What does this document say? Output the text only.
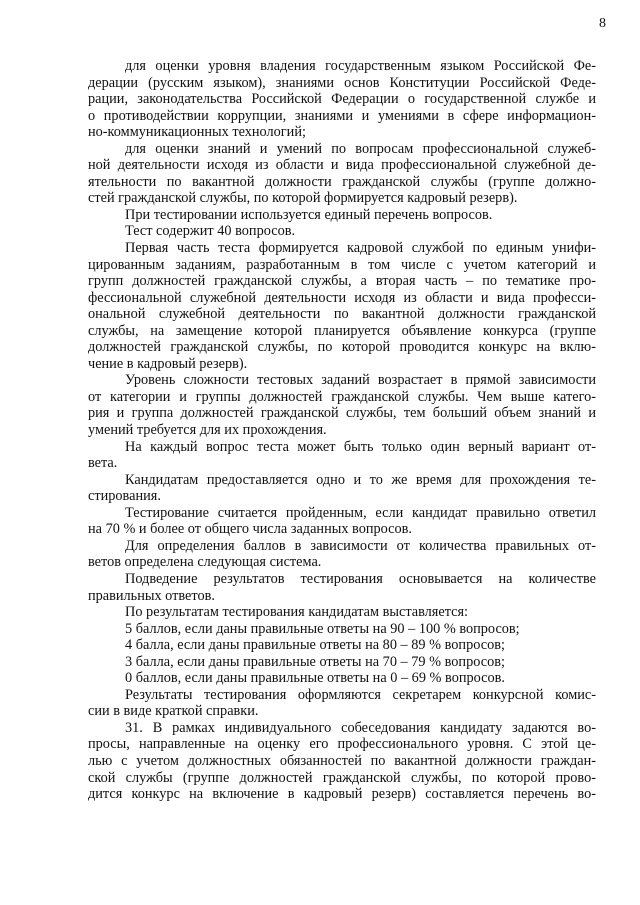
8
для оценки уровня владения государственным языком Российской Фе-
дерации (русским языком), знаниями основ Конституции Российской Феде-
рации, законодательства Российской Федерации о государственной службе и
о противодействии коррупции, знаниями и умениями в сфере информацион-
но-коммуникационных технологий;
для оценки знаний и умений по вопросам профессиональной служеб-
ной деятельности исходя из области и вида профессиональной служебной де-
ятельности по вакантной должности гражданской службы (группе должно-
стей гражданской службы, по которой формируется кадровый резерв).
При тестировании используется единый перечень вопросов.
Тест содержит 40 вопросов.
Первая часть теста формируется кадровой службой по единым унифи-
цированным заданиям, разработанным в том числе с учетом категорий и
групп должностей гражданской службы, а вторая часть – по тематике про-
фессиональной служебной деятельности исходя из области и вида професси-
ональной служебной деятельности по вакантной должности гражданской
службы, на замещение которой планируется объявление конкурса (группе
должностей гражданской службы, по которой проводится конкурс на вклю-
чение в кадровый резерв).
Уровень сложности тестовых заданий возрастает в прямой зависимости
от категории и группы должностей гражданской службы. Чем выше катего-
рия и группа должностей гражданской службы, тем больший объем знаний и
умений требуется для их прохождения.
На каждый вопрос теста может быть только один верный вариант от-
вета.
Кандидатам предоставляется одно и то же время для прохождения те-
стирования.
Тестирование считается пройденным, если кандидат правильно ответил
на 70 % и более от общего числа заданных вопросов.
Для определения баллов в зависимости от количества правильных от-
ветов определена следующая система.
Подведение результатов тестирования основывается на количестве
правильных ответов.
По результатам тестирования кандидатам выставляется:
5 баллов, если даны правильные ответы на 90 – 100 % вопросов;
4 балла, если даны правильные ответы на 80 – 89 % вопросов;
3 балла, если даны правильные ответы на 70 – 79 % вопросов;
0 баллов, если даны правильные ответы на 0 – 69 % вопросов.
Результаты тестирования оформляются секретарем конкурсной комис-
сии в виде краткой справки.
31. В рамках индивидуального собеседования кандидату задаются во-
просы, направленные на оценку его профессионального уровня. С этой це-
лью с учетом должностных обязанностей по вакантной должности граждан-
ской службы (группе должностей гражданской службы, по которой прово-
дится конкурс на включение в кадровый резерв) составляется перечень во-
